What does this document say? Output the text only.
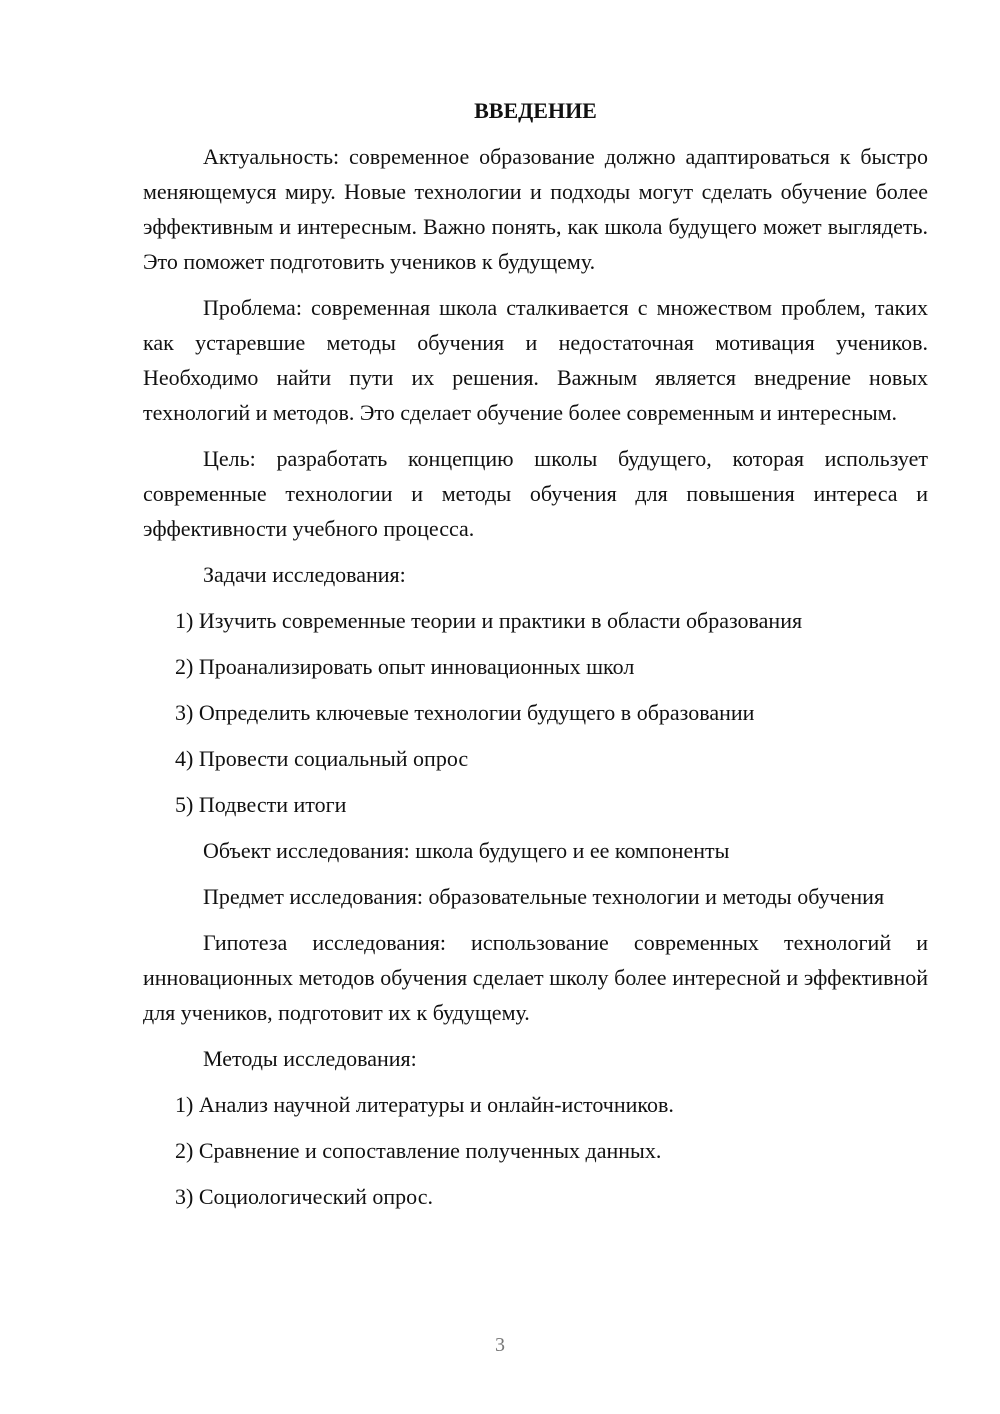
ВВЕДЕНИЕ

Актуальность: современное образование должно адаптироваться к быстро меняющемуся миру. Новые технологии и подходы могут сделать обучение более эффективным и интересным. Важно понять, как школа будущего может выглядеть. Это поможет подготовить учеников к будущему.

Проблема: современная школа сталкивается с множеством проблем, таких как устаревшие методы обучения и недостаточная мотивация учеников. Необходимо найти пути их решения. Важным является внедрение новых технологий и методов. Это сделает обучение более современным и интересным.

Цель: разработать концепцию школы будущего, которая использует современные технологии и методы обучения для повышения интереса и эффективности учебного процесса.

Задачи исследования:

1) Изучить современные теории и практики в области образования
2) Проанализировать опыт инновационных школ
3) Определить ключевые технологии будущего в образовании
4) Провести социальный опрос
5) Подвести итоги

Объект исследования: школа будущего и ее компоненты

Предмет исследования: образовательные технологии и методы обучения

Гипотеза исследования: использование современных технологий и инновационных методов обучения сделает школу более интересной и эффективной для учеников, подготовит их к будущему.

Методы исследования:

1) Анализ научной литературы и онлайн-источников.
2) Сравнение и сопоставление полученных данных.
3) Социологический опрос.
3
